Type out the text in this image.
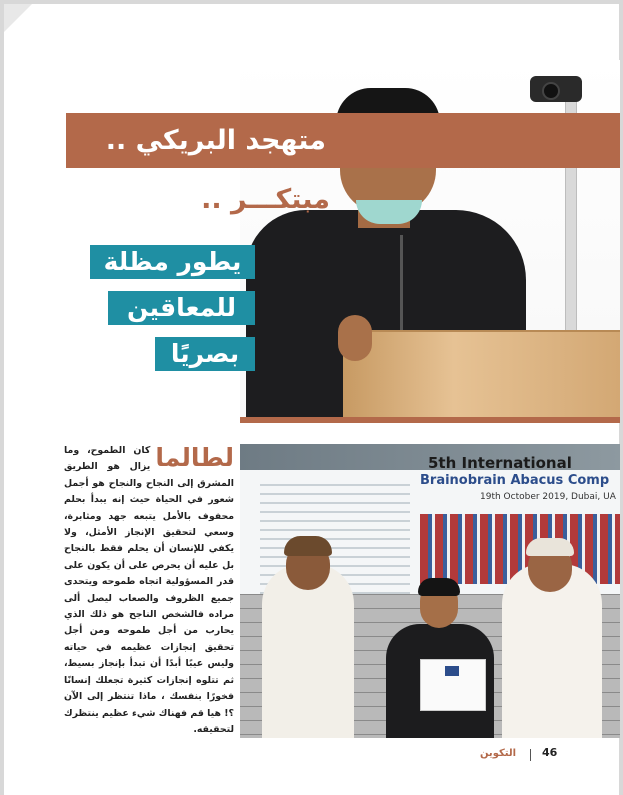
متهجد البريكي ..
مبتكـــر ..
يطور مظلة
للمعاقين
بصريًا
لطالما
كان الطموح، وما يزال هو الطريق المشرق إلى النجاح والنجاح هو أجمل شعور في الحياة حيث إنه يبدأ بحلم محفوف بالأمل يتبعه جهد ومثابرة، وسعي لتحقيق الإنجاز الأمثل، ولا يكفي للإنسان أن يحلم فقط بالنجاح بل عليه أن يحرص على أن يكون على قدر المسؤولية اتجاه طموحه ويتحدى جميع الظروف والصعاب ليصل ألى مراده فالشخص الناجح هو ذلك الذي يحارب من أجل طموحه ومن أجل تحقيق إنجازات عظيمه في حياته وليس عيبًا أبدًا أن تبدأ بإنجاز بسيط، ثم تتلوه إنجازات كثيرة تجعلك إنسانًا فخورًا بنفسك ، ماذا تنتظر إلى الآن ؟! هيا قم فهناك شيء عظيم ينتظرك لتحقيقه.
5th International
Brainobrain Abacus Comp
19th October 2019, Dubai, UA
التكوين 46
